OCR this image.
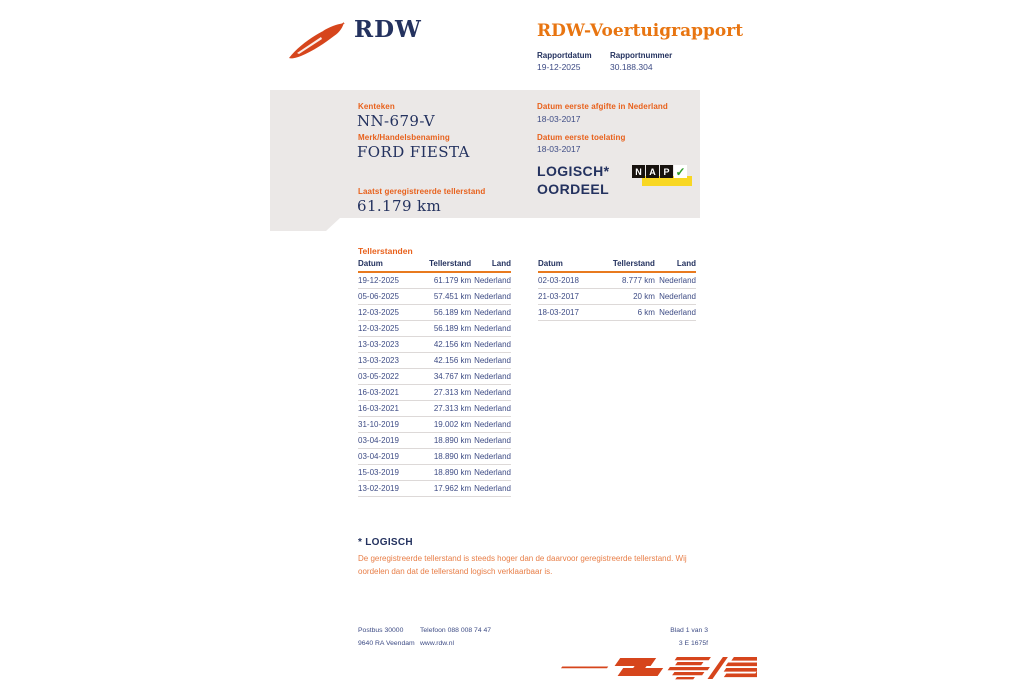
RDW	RDW-Voertuigrapport
Rapportdatum
19-12-2025
Rapportnummer
30.188.304
Kenteken
NN-679-V
Merk/Handelsbenaming
FORD FIESTA
Laatst geregistreerde tellerstand
61.179 km
Datum eerste afgifte in Nederland
18-03-2017
Datum eerste toelating
18-03-2017
LOGISCH*
OORDEEL
N A P ✓
Tellerstanden
Datum	Tellerstand	Land
19-12-2025	61.179 km	Nederland
05-06-2025	57.451 km	Nederland
12-03-2025	56.189 km	Nederland
12-03-2025	56.189 km	Nederland
13-03-2023	42.156 km	Nederland
13-03-2023	42.156 km	Nederland
03-05-2022	34.767 km	Nederland
16-03-2021	27.313 km	Nederland
16-03-2021	27.313 km	Nederland
31-10-2019	19.002 km	Nederland
03-04-2019	18.890 km	Nederland
03-04-2019	18.890 km	Nederland
15-03-2019	18.890 km	Nederland
13-02-2019	17.962 km	Nederland
Datum	Tellerstand	Land
02-03-2018	8.777 km	Nederland
21-03-2017	20 km	Nederland
18-03-2017	6 km	Nederland
* LOGISCH
De geregistreerde tellerstand is steeds hoger dan de daarvoor geregistreerde tellerstand. Wij oordelen dan dat de tellerstand logisch verklaarbaar is.
Postbus 30000
9640 RA Veendam
Telefoon 088 008 74 47
www.rdw.nl
Blad 1 van 3
3 E 1675f
